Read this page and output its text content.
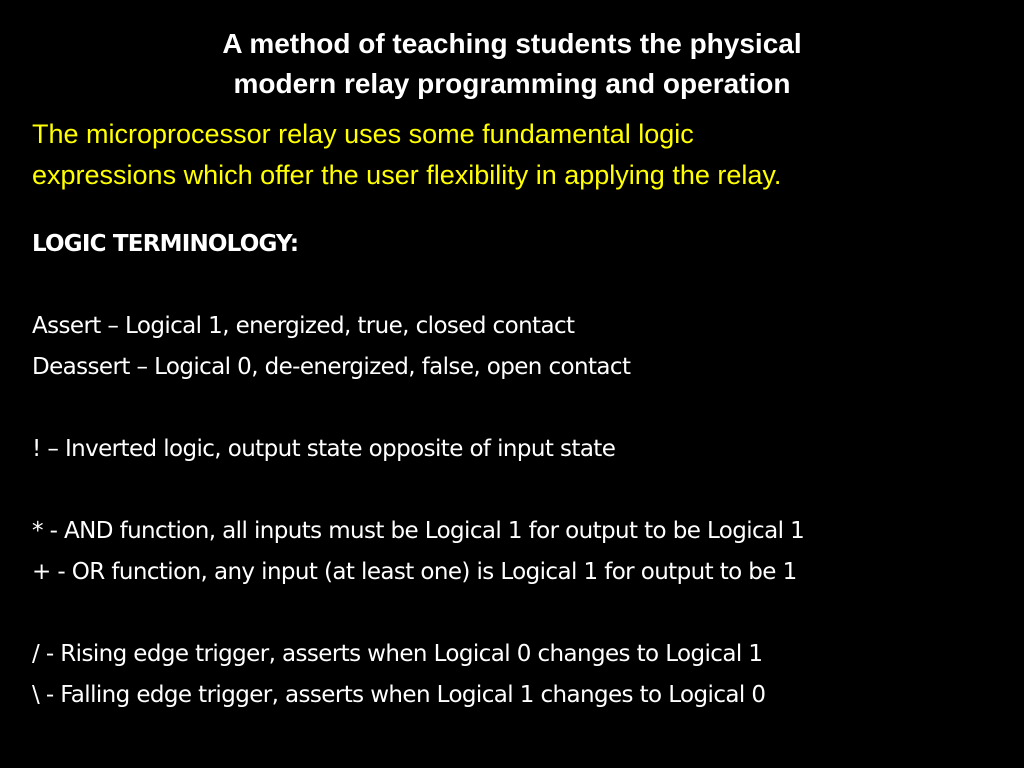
A method of teaching students the physical
modern relay programming and operation
The microprocessor relay uses some fundamental logic
expressions which offer the user flexibility in applying the relay.
LOGIC TERMINOLOGY:
Assert – Logical 1, energized, true, closed contact
Deassert – Logical 0, de-energized, false, open contact
! – Inverted logic, output state opposite of input state
* - AND function, all inputs must be Logical 1 for output to be Logical 1
+ - OR function, any input (at least one) is Logical 1 for output to be 1
/ - Rising edge trigger, asserts when Logical 0 changes to Logical 1
\ - Falling edge trigger, asserts when Logical 1 changes to Logical 0
